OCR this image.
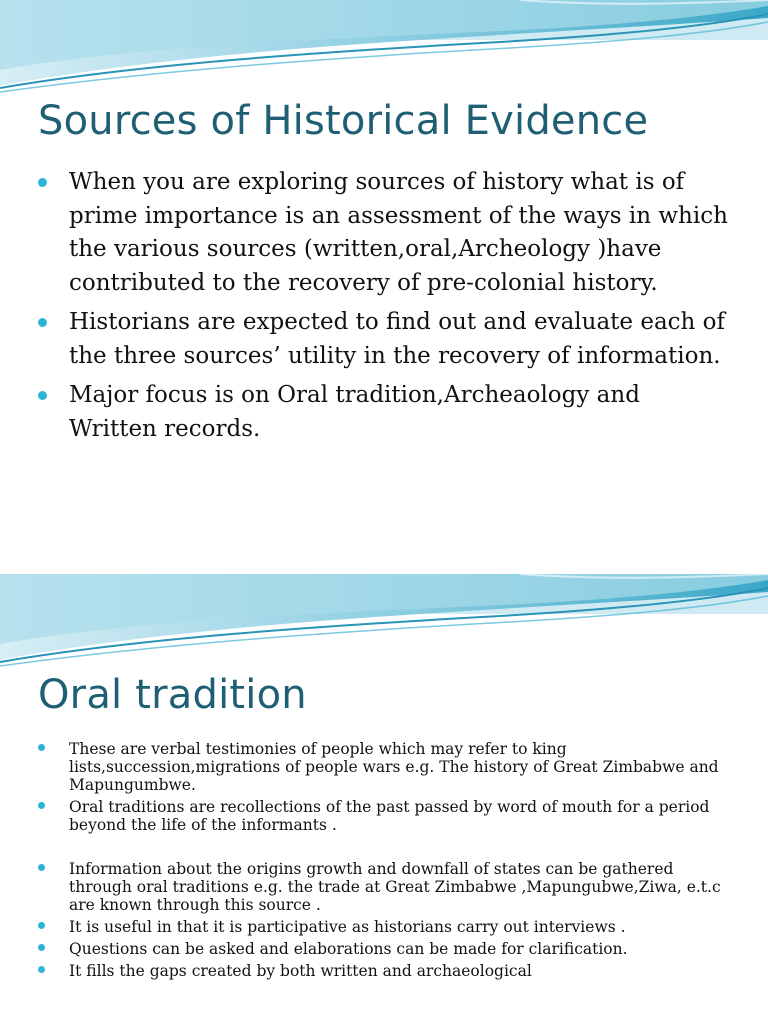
Sources of Historical Evidence
When you are exploring sources of history what is of prime importance is an assessment of the ways in which the various sources (written,oral,Archeology )have contributed to the recovery of pre-colonial history.
Historians are expected to find out and evaluate each of the three sources’ utility in the recovery of information.
Major focus is on Oral tradition,Archeaology and Written records.
Oral tradition
These are verbal testimonies of people which may refer to king lists,succession,migrations of people wars e.g. The history of Great Zimbabwe and Mapungumbwe.
Oral traditions are recollections of the past passed by word of mouth for a period beyond the life of the informants .
Information about the origins growth and downfall of states can be gathered through oral traditions e.g. the trade at Great Zimbabwe ,Mapungubwe,Ziwa, e.t.c are known through this source .
It is useful in that it is participative as historians carry out interviews .
Questions can be asked and elaborations can be made for clarification.
It fills the gaps created by both written and archaeological
